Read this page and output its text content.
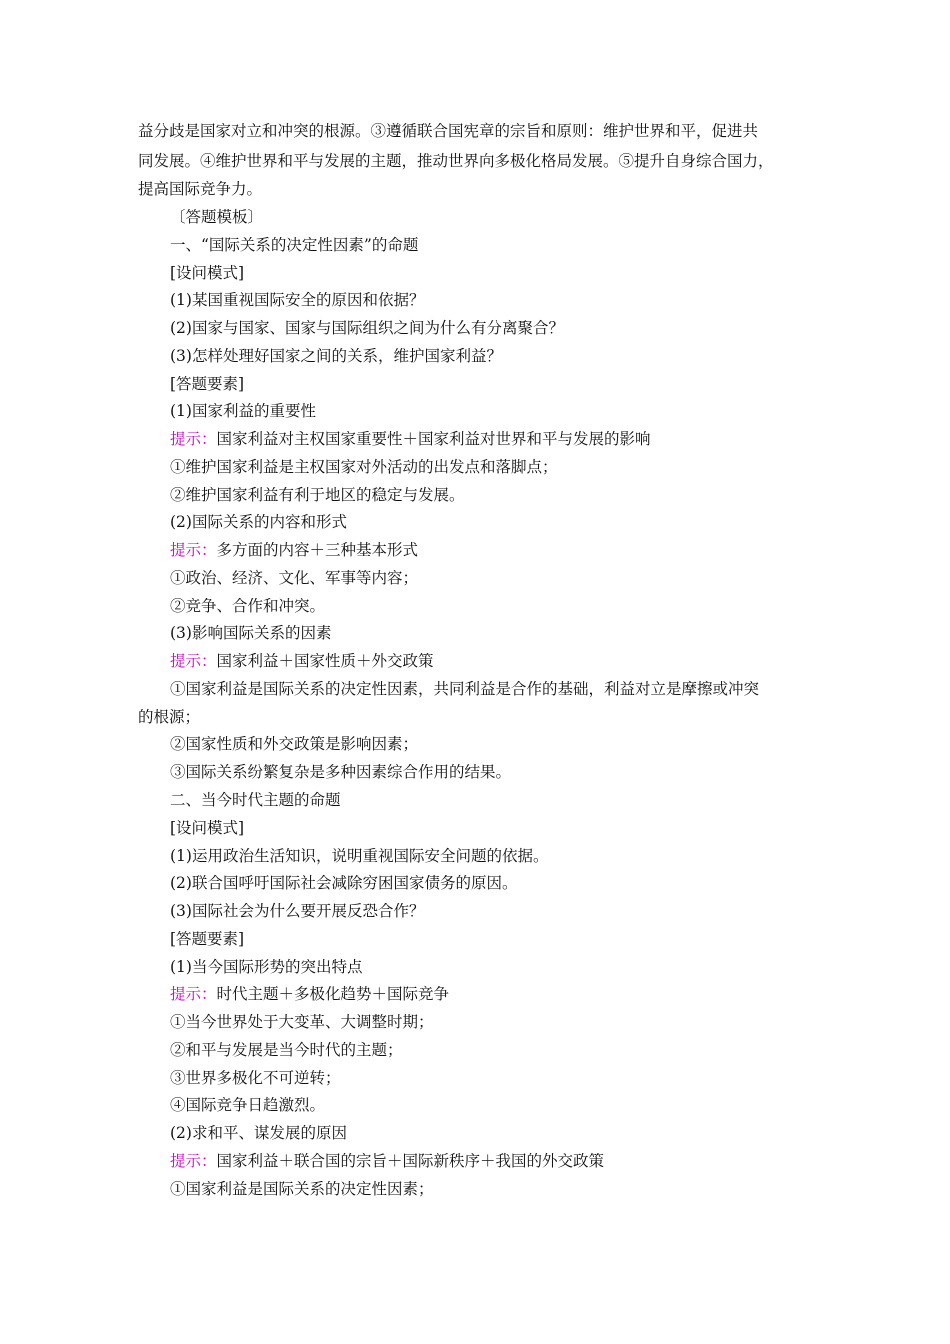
益分歧是国家对立和冲突的根源。③遵循联合国宪章的宗旨和原则：维护世界和平，促进共
同发展。④维护世界和平与发展的主题，推动世界向多极化格局发展。⑤提升自身综合国力，
提高国际竞争力。
〔答题模板〕
一、“国际关系的决定性因素”的命题
[设问模式]
(1)某国重视国际安全的原因和依据？
(2)国家与国家、国家与国际组织之间为什么有分离聚合？
(3)怎样处理好国家之间的关系，维护国家利益？
[答题要素]
(1)国家利益的重要性
提示：国家利益对主权国家重要性＋国家利益对世界和平与发展的影响
①维护国家利益是主权国家对外活动的出发点和落脚点；
②维护国家利益有利于地区的稳定与发展。
(2)国际关系的内容和形式
提示：多方面的内容＋三种基本形式
①政治、经济、文化、军事等内容；
②竞争、合作和冲突。
(3)影响国际关系的因素
提示：国家利益＋国家性质＋外交政策
①国家利益是国际关系的决定性因素，共同利益是合作的基础，利益对立是摩擦或冲突
的根源；
②国家性质和外交政策是影响因素；
③国际关系纷繁复杂是多种因素综合作用的结果。
二、当今时代主题的命题
[设问模式]
(1)运用政治生活知识，说明重视国际安全问题的依据。
(2)联合国呼吁国际社会减除穷困国家债务的原因。
(3)国际社会为什么要开展反恐合作？
[答题要素]
(1)当今国际形势的突出特点
提示：时代主题＋多极化趋势＋国际竞争
①当今世界处于大变革、大调整时期；
②和平与发展是当今时代的主题；
③世界多极化不可逆转；
④国际竞争日趋激烈。
(2)求和平、谋发展的原因
提示：国家利益＋联合国的宗旨＋国际新秩序＋我国的外交政策
①国家利益是国际关系的决定性因素；
